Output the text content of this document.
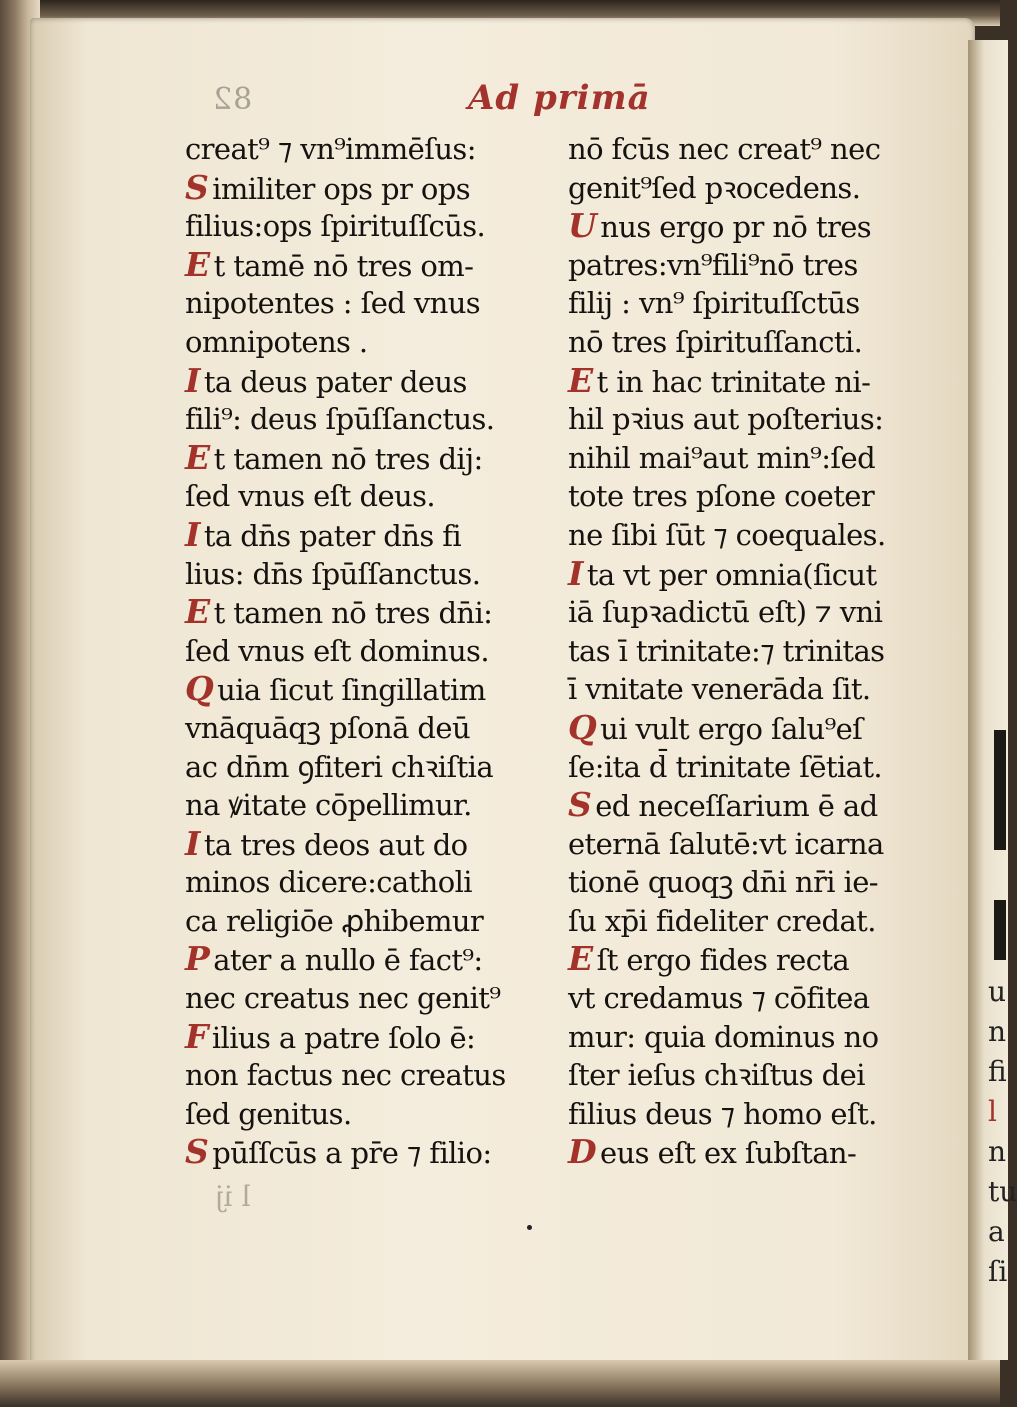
u
n
fi
l
n
tu
a
ſi
82	Ad primā
creat⁹ ⁊ vn⁹immēſus:
S imiliter ops pr ops
filius:ops ſpirituſſcūs.
E t tamē nō tres om-
nipotentes : ſed vnus
omnipotens .
I ta deus pater deus
fili⁹: deus ſpūſſanctus.
E t tamen nō tres dij:
ſed vnus eſt deus.
I ta dn̄s pater dn̄s fi
lius: dn̄s ſpūſſanctus.
E t tamen nō tres dn̄i:
ſed vnus eſt dominus.
Q uia ſicut ſingillatim
vnāquāqꝫ pſonā deū
ac dn̄m ꝯfiteri chꝛiſtia
na ꝟitate cōpellimur.
I ta tres deos aut do
minos dicere:catholi
ca religiōe ꝓhibemur
P ater a nullo ē fact⁹:
nec creatus nec genit⁹
F ilius a patre ſolo ē:
non factus nec creatus
ſed genitus.
S pūſſcūs a pr̄e ⁊ filio:
nō fcūs nec creat⁹ nec
genit⁹ſed pꝛocedens.
U nus ergo pr nō tres
patres:vn⁹fili⁹nō tres
filij : vn⁹ ſpirituſſctūs
nō tres ſpirituſſancti.
E t in hac trinitate ni-
hil pꝛius aut poſterius:
nihil mai⁹aut min⁹:ſed
tote tres pſone coeter
ne ſibi ſūt ⁊ coequales.
I ta vt per omnia(ſicut
iā ſupꝛadictū eſt) ⁊ vni
tas ī trinitate:⁊ trinitas
ī vnitate venerāda ſit.
Q ui vult ergo ſalu⁹eſ
ſe:ita d̄ trinitate ſētiat.
S ed neceſſarium ē ad
eternā ſalutē:vt icarna
tionē quoqꝫ dn̄i nr̄i ie-
ſu xp̄i fideliter credat.
E ſt ergo fides recta
vt credamus ⁊ cōfitea
mur: quia dominus no
ſter ieſus chꝛiſtus dei
filius deus ⁊ homo eſt.
D eus eſt ex ſubſtan-
l ij
